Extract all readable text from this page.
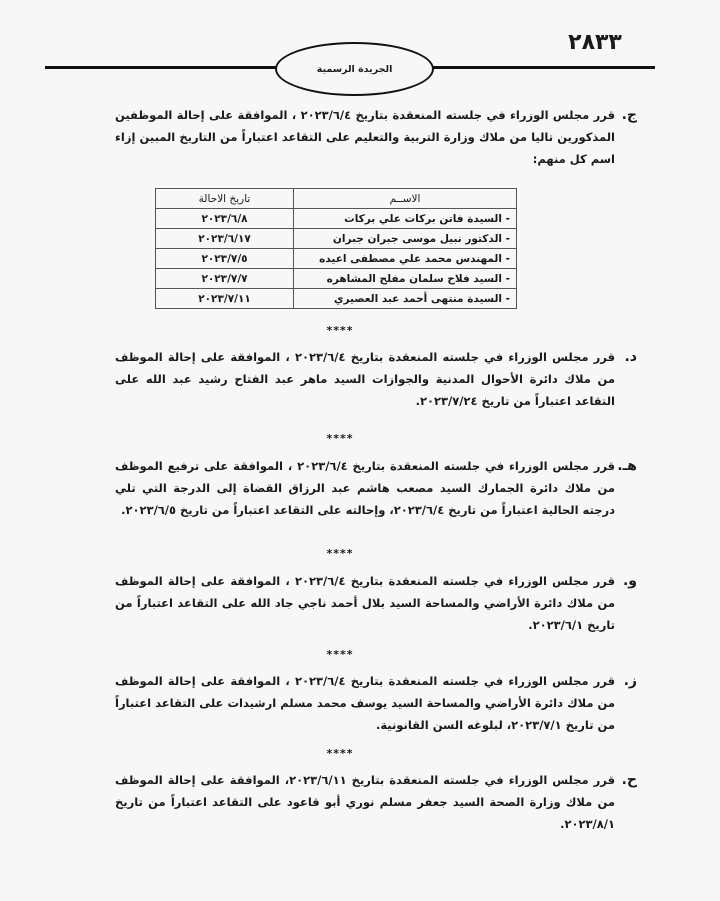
٢٨٣٣
الجريدة الرسمية
ج.
قرر مجلس الوزراء في جلسته المنعقدة بتاريخ ٢٠٢٣/٦/٤ ، الموافقة على إحالة الموظفين المذكورين تاليا من ملاك وزارة التربية والتعليم على التقاعد اعتباراً من التاريخ المبين إزاء اسم كل منهم:
الاســم	تاريخ الاحالة
- السيدة فاتن بركات علي بركات	٢٠٢٣/٦/٨
- الدكتور نبيل موسى جبران جبران	٢٠٢٣/٦/١٧
- المهندس محمد علي مصطفى اعيده	٢٠٢٣/٧/٥
- السيد فلاح سلمان مفلح المشاهره	٢٠٢٣/٧/٧
- السيدة منتهى أحمد عبد العصيري	٢٠٢٣/٧/١١
****
د.
قرر مجلس الوزراء في جلسته المنعقدة بتاريخ ٢٠٢٣/٦/٤ ، الموافقة على إحالة الموظف من ملاك دائرة الأحوال المدنية والجوازات السيد ماهر عبد الفتاح رشيد عبد الله على التقاعد اعتباراً من تاريخ ٢٠٢٣/٧/٢٤.
****
هـ.
قرر مجلس الوزراء في جلسته المنعقدة بتاريخ ٢٠٢٣/٦/٤ ، الموافقة على ترفيع الموظف من ملاك دائرة الجمارك السيد مصعب هاشم عبد الرزاق القضاة إلى الدرجة التي تلي درجته الحالية اعتباراً من تاريخ ٢٠٢٣/٦/٤، وإحالته على التقاعد اعتباراً من تاريخ ٢٠٢٣/٦/٥.
****
و.
قرر مجلس الوزراء في جلسته المنعقدة بتاريخ ٢٠٢٣/٦/٤ ، الموافقة على إحالة الموظف من ملاك دائرة الأراضي والمساحة السيد بلال أحمد ناجي جاد الله على التقاعد اعتباراً من تاريخ ٢٠٢٣/٦/١.
****
ز.
قرر مجلس الوزراء في جلسته المنعقدة بتاريخ ٢٠٢٣/٦/٤ ، الموافقة على إحالة الموظف من ملاك دائرة الأراضي والمساحة السيد يوسف محمد مسلم ارشيدات على التقاعد اعتباراً من تاريخ ٢٠٢٣/٧/١، لبلوغه السن القانونية.
****
ح.
قرر مجلس الوزراء في جلسته المنعقدة بتاريخ ٢٠٢٣/٦/١١، الموافقة على إحالة الموظف من ملاك وزارة الصحة السيد جعفر مسلم نوري أبو قاعود على التقاعد اعتباراً من تاريخ ٢٠٢٣/٨/١.
